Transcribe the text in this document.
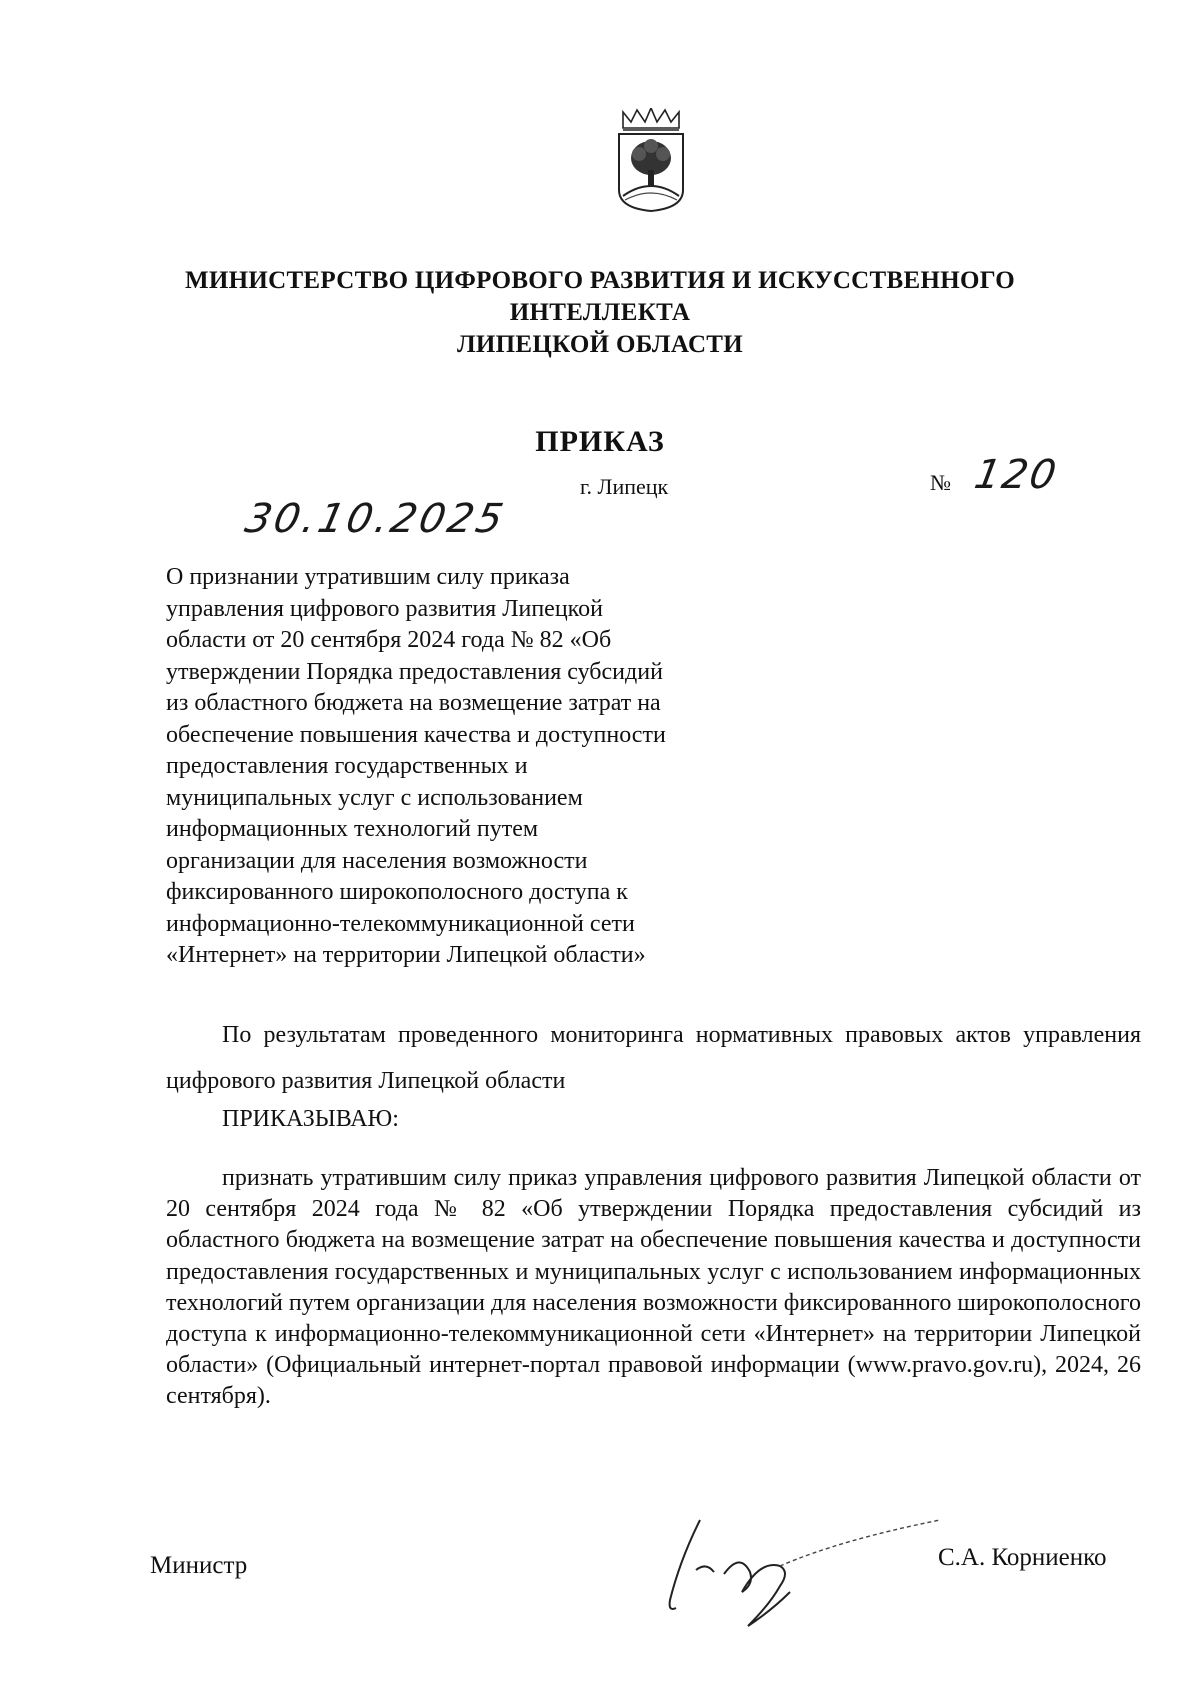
МИНИСТЕРСТВО ЦИФРОВОГО РАЗВИТИЯ И ИСКУССТВЕННОГО
ИНТЕЛЛЕКТА
ЛИПЕЦКОЙ ОБЛАСТИ
ПРИКАЗ
г. Липецк	№ 120
30.10.2025
О признании утратившим силу приказа
управления цифрового развития Липецкой
области от 20 сентября 2024 года № 82 «Об
утверждении Порядка предоставления субсидий
из областного бюджета на возмещение затрат на
обеспечение повышения качества и доступности
предоставления государственных и
муниципальных услуг с использованием
информационных технологий путем
организации для населения возможности
фиксированного широкополосного доступа к
информационно-телекоммуникационной сети
«Интернет» на территории Липецкой области»
По результатам проведенного мониторинга нормативных правовых актов управления цифрового развития Липецкой области
ПРИКАЗЫВАЮ:
признать утратившим силу приказ управления цифрового развития Липецкой области от 20 сентября 2024 года № 82 «Об утверждении Порядка предоставления субсидий из областного бюджета на возмещение затрат на обеспечение повышения качества и доступности предоставления государственных и муниципальных услуг с использованием информационных технологий путем организации для населения возможности фиксированного широкополосного доступа к информационно-телекоммуникационной сети «Интернет» на территории Липецкой области» (Официальный интернет-портал правовой информации (www.pravo.gov.ru), 2024, 26 сентября).
Министр	С.А. Корниенко
